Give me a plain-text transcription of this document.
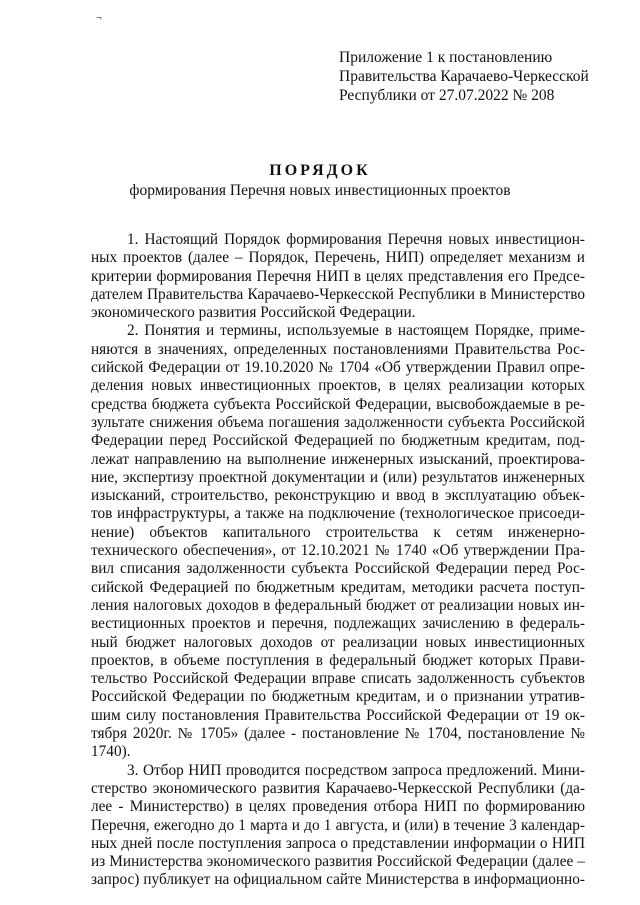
¬
Приложение 1 к постановлению
Правительства Карачаево-Черкесской
Республики от 27.07.2022 № 208
ПОРЯДОК
формирования Перечня новых инвестиционных проектов
1. Настоящий Порядок формирования Перечня новых инвестицион-
ных проектов (далее – Порядок, Перечень, НИП) определяет механизм и
критерии формирования Перечня НИП в целях представления его Предсе-
дателем Правительства Карачаево-Черкесской Республики в Министерство
экономического развития Российской Федерации.
2. Понятия и термины, используемые в настоящем Порядке, приме-
няются в значениях, определенных постановлениями Правительства Рос-
сийской Федерации от 19.10.2020 № 1704 «Об утверждении Правил опре-
деления новых инвестиционных проектов, в целях реализации которых
средства бюджета субъекта Российской Федерации, высвобождаемые в ре-
зультате снижения объема погашения задолженности субъекта Российской
Федерации перед Российской Федерацией по бюджетным кредитам, под-
лежат направлению на выполнение инженерных изысканий, проектирова-
ние, экспертизу проектной документации и (или) результатов инженерных
изысканий, строительство, реконструкцию и ввод в эксплуатацию объек-
тов инфраструктуры, а также на подключение (технологическое присоеди-
нение) объектов капитального строительства к сетям инженерно-
технического обеспечения», от 12.10.2021 № 1740 «Об утверждении Пра-
вил списания задолженности субъекта Российской Федерации перед Рос-
сийской Федерацией по бюджетным кредитам, методики расчета поступ-
ления налоговых доходов в федеральный бюджет от реализации новых ин-
вестиционных проектов и перечня, подлежащих зачислению в федераль-
ный бюджет налоговых доходов от реализации новых инвестиционных
проектов, в объеме поступления в федеральный бюджет которых Прави-
тельство Российской Федерации вправе списать задолженность субъектов
Российской Федерации по бюджетным кредитам, и о признании утратив-
шим силу постановления Правительства Российской Федерации от 19 ок-
тября 2020г. № 1705» (далее - постановление № 1704, постановление №
1740).
3. Отбор НИП проводится посредством запроса предложений. Мини-
стерство экономического развития Карачаево-Черкесской Республики (да-
лее - Министерство) в целях проведения отбора НИП по формированию
Перечня, ежегодно до 1 марта и до 1 августа, и (или) в течение 3 календар-
ных дней после поступления запроса о представлении информации о НИП
из Министерства экономического развития Российской Федерации (далее –
запрос) публикует на официальном сайте Министерства в информационно-
